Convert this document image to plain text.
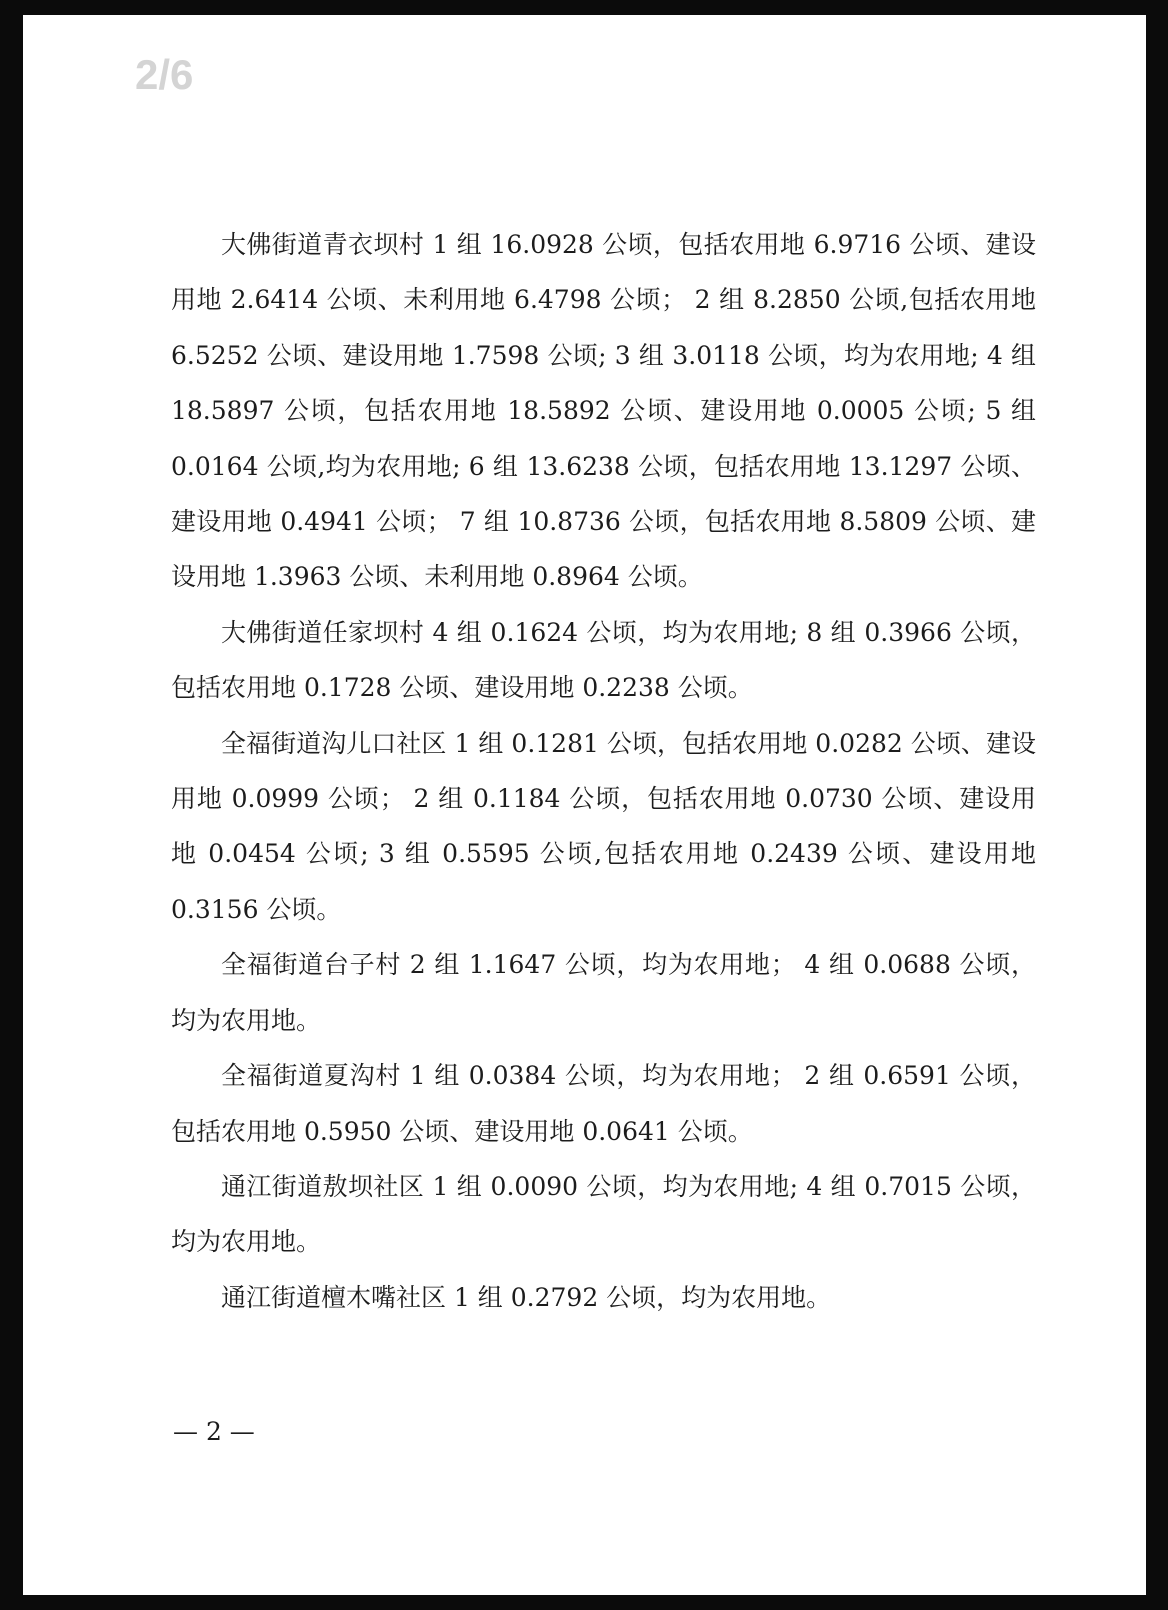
2/6

大佛街道青衣坝村 1 组 16.0928 公顷，包括农用地 6.9716 公顷、建设用地 2.6414 公顷、未利用地 6.4798 公顷； 2 组 8.2850 公顷,包括农用地 6.5252 公顷、建设用地 1.7598 公顷; 3 组 3.0118 公顷，均为农用地; 4 组 18.5897 公顷，包括农用地 18.5892 公顷、建设用地 0.0005 公顷; 5 组 0.0164 公顷,均为农用地; 6 组 13.6238 公顷，包括农用地 13.1297 公顷、建设用地 0.4941 公顷； 7 组 10.8736 公顷，包括农用地 8.5809 公顷、建设用地 1.3963 公顷、未利用地 0.8964 公顷。

大佛街道任家坝村 4 组 0.1624 公顷，均为农用地; 8 组 0.3966 公顷，包括农用地 0.1728 公顷、建设用地 0.2238 公顷。

全福街道沟儿口社区 1 组 0.1281 公顷，包括农用地 0.0282 公顷、建设用地 0.0999 公顷； 2 组 0.1184 公顷，包括农用地 0.0730 公顷、建设用地 0.0454 公顷; 3 组 0.5595 公顷,包括农用地 0.2439 公顷、建设用地 0.3156 公顷。

全福街道台子村 2 组 1.1647 公顷，均为农用地； 4 组 0.0688 公顷，均为农用地。

全福街道夏沟村 1 组 0.0384 公顷，均为农用地； 2 组 0.6591 公顷，包括农用地 0.5950 公顷、建设用地 0.0641 公顷。

通江街道敖坝社区 1 组 0.0090 公顷，均为农用地; 4 组 0.7015 公顷，均为农用地。

通江街道檀木嘴社区 1 组 0.2792 公顷，均为农用地。

— 2 —
